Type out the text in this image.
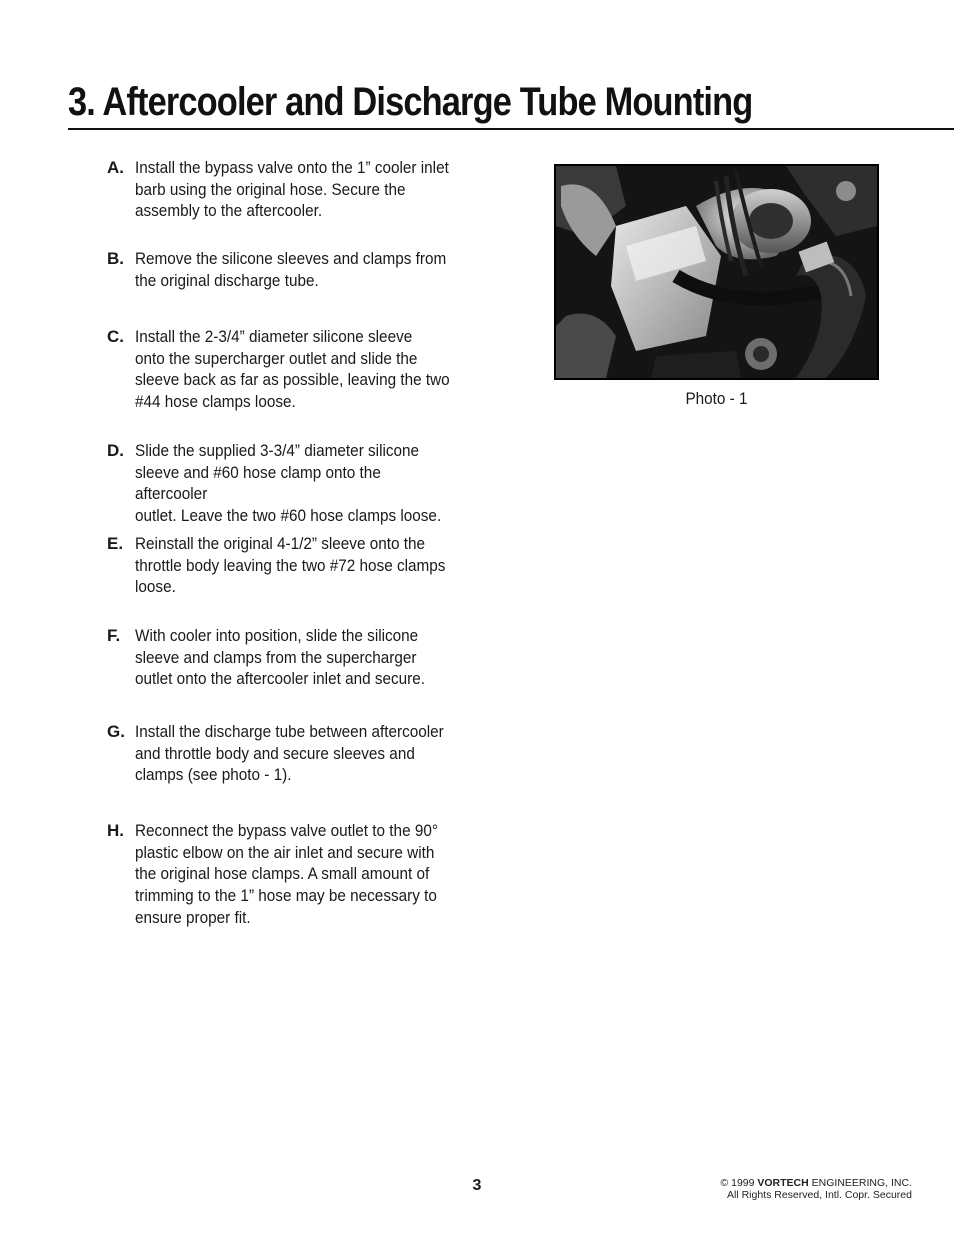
3. Aftercooler and Discharge Tube Mounting
A. Install the bypass valve onto the 1” cooler inlet
barb using the original hose. Secure the
assembly to the aftercooler.
B. Remove the silicone sleeves and clamps from
the original discharge tube.
C. Install the 2-3/4” diameter silicone sleeve
onto the supercharger outlet and slide the
sleeve back as far as possible, leaving the two
#44 hose clamps loose.
D. Slide the supplied 3-3/4” diameter silicone
sleeve and #60 hose clamp onto the aftercooler
outlet. Leave the two #60 hose clamps loose.
E. Reinstall the original 4-1/2” sleeve onto the
throttle body leaving the two #72 hose clamps
loose.
F. With cooler into position, slide the silicone
sleeve and clamps from the supercharger
outlet onto the aftercooler inlet and secure.
G. Install the discharge tube between aftercooler
and throttle body and secure sleeves and
clamps (see photo - 1).
H. Reconnect the bypass valve outlet to the 90°
plastic elbow on the air inlet and secure with
the original hose clamps. A small amount of
trimming to the 1” hose may be necessary to
ensure proper fit.
Photo - 1
3	© 1999 VORTECH ENGINEERING, INC.
All Rights Reserved, Intl. Copr. Secured
